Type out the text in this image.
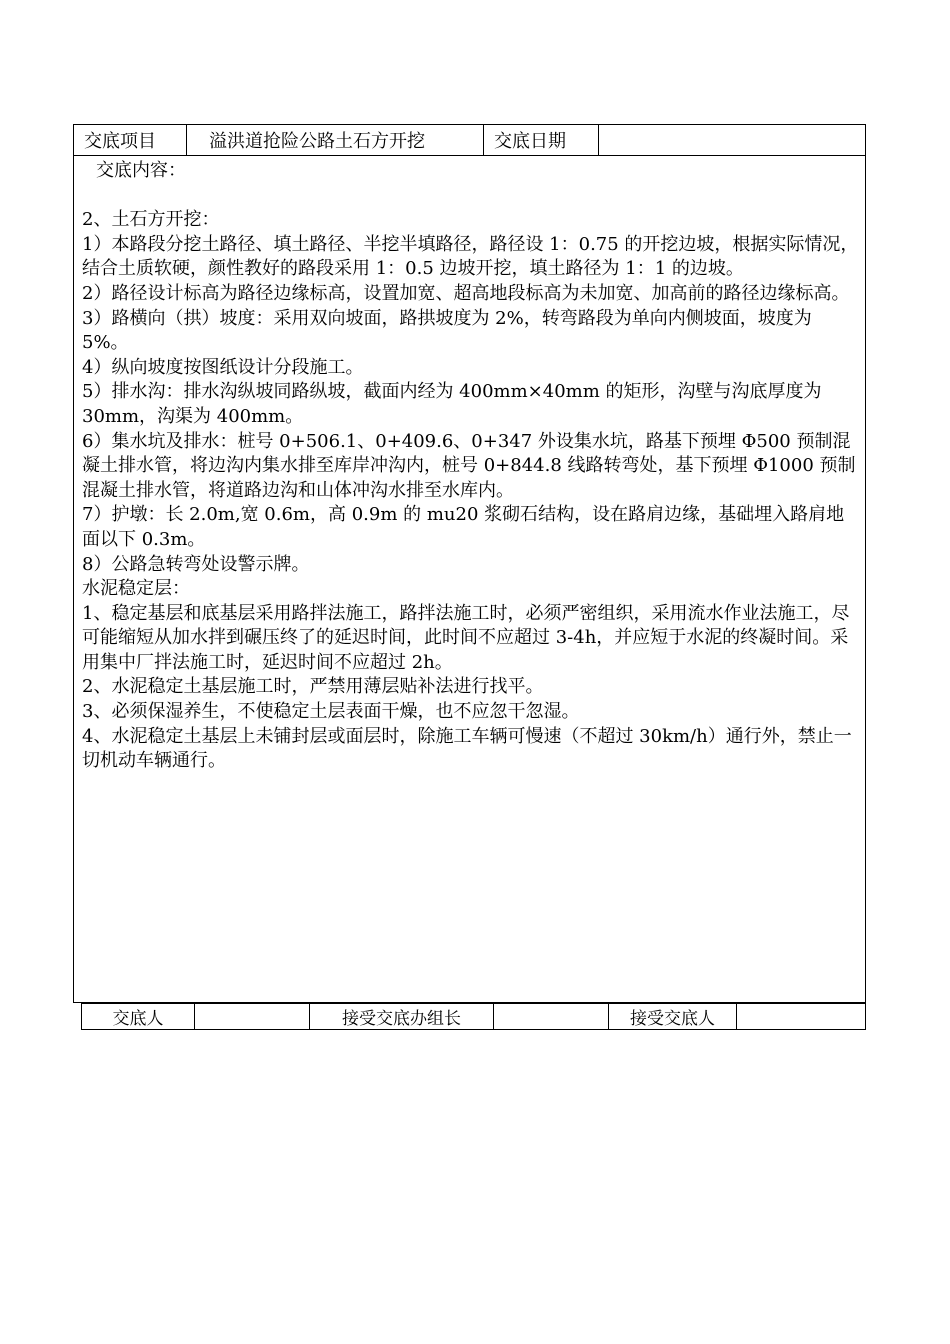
交底项目	溢洪道抢险公路土石方开挖	交底日期

交底内容：

2、土石方开挖：

1）本路段分挖土路径、填土路径、半挖半填路径，路径设 1：0.75 的开挖边坡，根据实际情况，结合土质软硬，颜性教好的路段采用 1：0.5 边坡开挖，填土路径为 1：1 的边坡。

2）路径设计标高为路径边缘标高，设置加宽、超高地段标高为未加宽、加高前的路径边缘标高。

3）路横向（拱）坡度：采用双向坡面，路拱坡度为 2%，转弯路段为单向内侧坡面，坡度为 5%。

4）纵向坡度按图纸设计分段施工。

5）排水沟：排水沟纵坡同路纵坡，截面内经为 400mm×40mm 的矩形，沟壁与沟底厚度为 30mm，沟渠为 400mm。

6）集水坑及排水：桩号 0+506.1、0+409.6、0+347 外设集水坑，路基下预埋 Φ500 预制混凝土排水管，将边沟内集水排至库岸冲沟内，桩号 0+844.8 线路转弯处，基下预埋 Φ1000 预制混凝土排水管，将道路边沟和山体冲沟水排至水库内。

7）护墩：长 2.0m,宽 0.6m，高 0.9m 的 mu20 浆砌石结构，设在路肩边缘，基础埋入路肩地面以下 0.3m。

8）公路急转弯处设警示牌。

水泥稳定层：

1、稳定基层和底基层采用路拌法施工，路拌法施工时，必须严密组织，采用流水作业法施工，尽可能缩短从加水拌到碾压终了的延迟时间，此时间不应超过 3-4h，并应短于水泥的终凝时间。采用集中厂拌法施工时，延迟时间不应超过 2h。

2、水泥稳定土基层施工时，严禁用薄层贴补法进行找平。

3、必须保湿养生，不使稳定土层表面干燥，也不应忽干忽湿。

4、水泥稳定土基层上未铺封层或面层时，除施工车辆可慢速（不超过 30km/h）通行外，禁止一切机动车辆通行。

交底人	接受交底办组长	接受交底人
